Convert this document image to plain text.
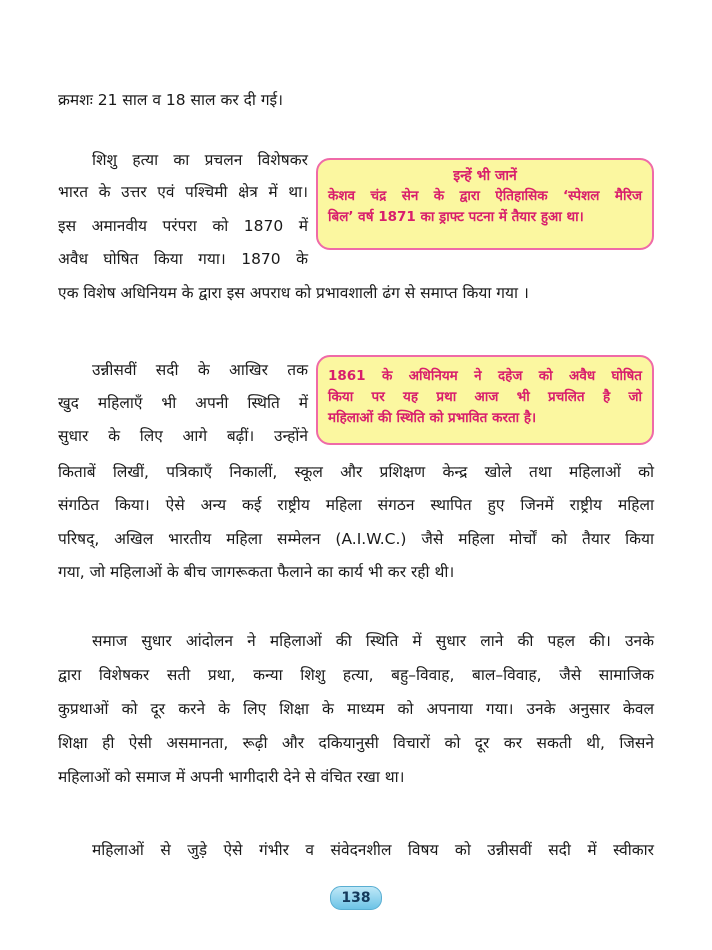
क्रमशः 21 साल व 18 साल कर दी गई।
शिशु हत्या का प्रचलन विशेषकर
भारत के उत्तर एवं पश्चिमी क्षेत्र में था।
इस अमानवीय परंपरा को 1870 में
अवैध घोषित किया गया। 1870 के
एक विशेष अधिनियम के द्वारा इस अपराध को प्रभावशाली ढंग से समाप्त किया गया ।
इन्हें भी जानें
केशव चंद्र सेन के द्वारा ऐतिहासिक ‘स्पेशल मैरिज
बिल’ वर्ष 1871 का ड्राफ्ट पटना में तैयार हुआ था।
उन्नीसवीं सदी के आखिर तक
खुद महिलाएँ भी अपनी स्थिति में
सुधार के लिए आगे बढ़ीं। उन्होंने
किताबें लिखीं, पत्रिकाएँ निकालीं, स्कूल और प्रशिक्षण केन्द्र खोले तथा महिलाओं को
संगठित किया। ऐसे अन्य कई राष्ट्रीय महिला संगठन स्थापित हुए जिनमें राष्ट्रीय महिला
परिषद्, अखिल भारतीय महिला सम्मेलन (A.I.W.C.) जैसे महिला मोर्चों को तैयार किया
गया, जो महिलाओं के बीच जागरूकता फैलाने का कार्य भी कर रही थी।
1861 के अधिनियम ने दहेज को अवैध घोषित
किया पर यह प्रथा आज भी प्रचलित है जो
महिलाओं की स्थिति को प्रभावित करता है।
समाज सुधार आंदोलन ने महिलाओं की स्थिति में सुधार लाने की पहल की। उनके
द्वारा विशेषकर सती प्रथा, कन्या शिशु हत्या, बहु–विवाह, बाल–विवाह, जैसे सामाजिक
कुप्रथाओं को दूर करने के लिए शिक्षा के माध्यम को अपनाया गया। उनके अनुसार केवल
शिक्षा ही ऐसी असमानता, रूढ़ी और दकियानुसी विचारों को दूर कर सकती थी, जिसने
महिलाओं को समाज में अपनी भागीदारी देने से वंचित रखा था।
महिलाओं से जुड़े ऐसे गंभीर व संवेदनशील विषय को उन्नीसवीं सदी में स्वीकार
138
